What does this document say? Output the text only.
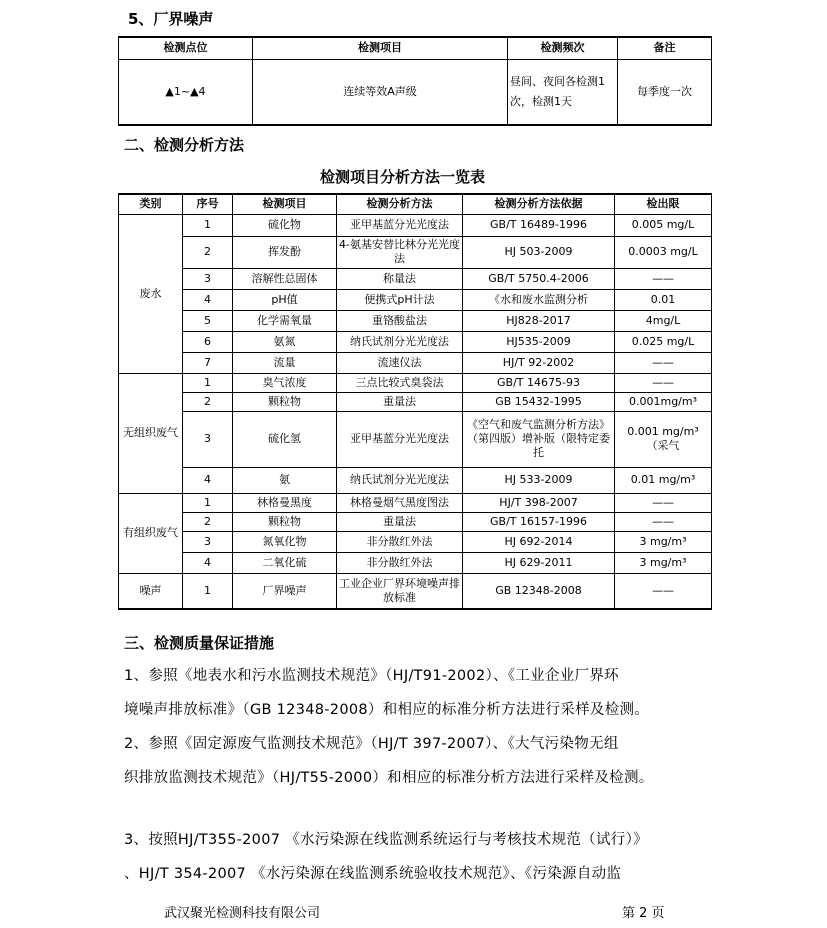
5、厂界噪声
检测点位	检测项目	检测频次	备注
▲1~▲4	连续等效A声级	昼间、夜间各检测1次，检测1天	每季度一次
二、检测分析方法
检测项目分析方法一览表
类别	序号	检测项目	检测分析方法	检测分析方法依据	检出限
废水	1	硫化物	亚甲基蓝分光光度法	GB/T 16489-1996	0.005 mg/L
	2	挥发酚	4-氨基安替比林分光光度法	HJ 503-2009	0.0003 mg/L
	3	溶解性总固体	称量法	GB/T 5750.4-2006	——
	4	pH值	便携式pH计法	《水和废水监测分析	0.01
	5	化学需氧量	重铬酸盐法	HJ828-2017	4mg/L
	6	氨氮	纳氏试剂分光光度法	HJ535-2009	0.025 mg/L
	7	流量	流速仪法	HJ/T 92-2002	——
无组织废气	1	臭气浓度	三点比较式臭袋法	GB/T 14675-93	——
	2	颗粒物	重量法	GB 15432-1995	0.001mg/m³
	3	硫化氢	亚甲基蓝分光光度法	《空气和废气监测分析方法》（第四版）增补版（限特定委托	0.001 mg/m³（采气
	4	氨	纳氏试剂分光光度法	HJ 533-2009	0.01 mg/m³
有组织废气	1	林格曼黑度	林格曼烟气黑度图法	HJ/T 398-2007	——
	2	颗粒物	重量法	GB/T 16157-1996	——
	3	氮氧化物	非分散红外法	HJ 692-2014	3 mg/m³
	4	二氧化硫	非分散红外法	HJ 629-2011	3 mg/m³
噪声	1	厂界噪声	工业企业厂界环境噪声排放标准	GB 12348-2008	——
三、检测质量保证措施
1、参照《地表水和污水监测技术规范》（HJ/T91-2002）、《工业企业厂界环
境噪声排放标准》（GB 12348-2008）和相应的标准分析方法进行采样及检测。
2、参照《固定源废气监测技术规范》（HJ/T 397-2007）、《大气污染物无组
织排放监测技术规范》（HJ/T55-2000）和相应的标准分析方法进行采样及检测。
3、按照HJ/T355-2007 《水污染源在线监测系统运行与考核技术规范（试行）》
、HJ/T 354-2007 《水污染源在线监测系统验收技术规范》、《污染源自动监
武汉聚光检测科技有限公司	第 2 页
